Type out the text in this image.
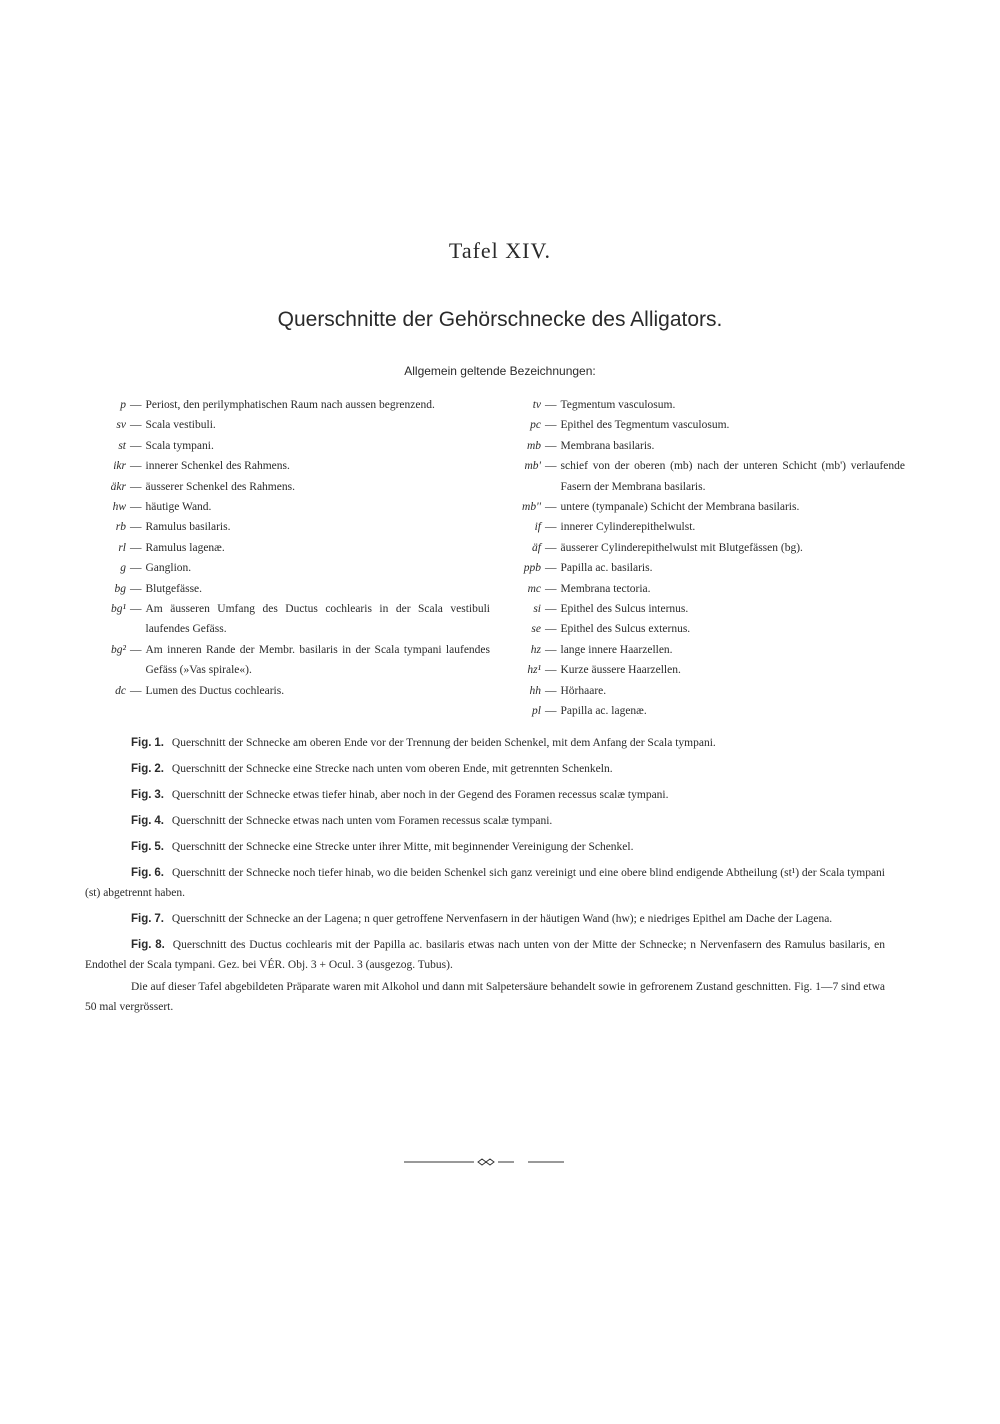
Tafel XIV.
Querschnitte der Gehörschnecke des Alligators.
Allgemein geltende Bezeichnungen:
p — Periost, den perilymphatischen Raum nach aussen begrenzend.
sv — Scala vestibuli.
st — Scala tympani.
ikr — innerer Schenkel des Rahmens.
äkr — äusserer Schenkel des Rahmens.
hw — häutige Wand.
rb — Ramulus basilaris.
rl — Ramulus lagenæ.
g — Ganglion.
bg — Blutgefässe.
bg¹ — Am äusseren Umfang des Ductus cochlearis in der Scala vestibuli laufendes Gefäss.
bg² — Am inneren Rande der Membr. basilaris in der Scala tympani laufendes Gefäss (»Vas spirale«).
dc — Lumen des Ductus cochlearis.
tv — Tegmentum vasculosum.
pc — Epithel des Tegmentum vasculosum.
mb — Membrana basilaris.
mb' — schief von der oberen (mb) nach der unteren Schicht (mb') verlaufende Fasern der Membrana basilaris.
mb'' — untere (tympanale) Schicht der Membrana basilaris.
if — innerer Cylinderepithelwulst.
äf — äusserer Cylinderepithelwulst mit Blutgefässen (bg).
ppb — Papilla ac. basilaris.
mc — Membrana tectoria.
si — Epithel des Sulcus internus.
se — Epithel des Sulcus externus.
hz — lange innere Haarzellen.
hz¹ — Kurze äussere Haarzellen.
hh — Hörhaare.
pl — Papilla ac. lagenæ.

Fig. 1. Querschnitt der Schnecke am oberen Ende vor der Trennung der beiden Schenkel, mit dem Anfang der Scala tympani.

Fig. 2. Querschnitt der Schnecke eine Strecke nach unten vom oberen Ende, mit getrennten Schenkeln.

Fig. 3. Querschnitt der Schnecke etwas tiefer hinab, aber noch in der Gegend des Foramen recessus scalæ tympani.

Fig. 4. Querschnitt der Schnecke etwas nach unten vom Foramen recessus scalæ tympani.

Fig. 5. Querschnitt der Schnecke eine Strecke unter ihrer Mitte, mit beginnender Vereinigung der Schenkel.

Fig. 6. Querschnitt der Schnecke noch tiefer hinab, wo die beiden Schenkel sich ganz vereinigt und eine obere blind endigende Abtheilung (st¹) der Scala tympani (st) abgetrennt haben.

Fig. 7. Querschnitt der Schnecke an der Lagena; n quer getroffene Nervenfasern in der häutigen Wand (hw); e niedriges Epithel am Dache der Lagena.

Fig. 8. Querschnitt des Ductus cochlearis mit der Papilla ac. basilaris etwas nach unten von der Mitte der Schnecke; n Nervenfasern des Ramulus basilaris, en Endothel der Scala tympani. Gez. bei VÉR. Obj. 3 + Ocul. 3 (ausgezog. Tubus).

Die auf dieser Tafel abgebildeten Präparate waren mit Alkohol und dann mit Salpetersäure behandelt sowie in gefrorenem Zustand geschnitten. Fig. 1—7 sind etwa 50 mal vergrössert.
